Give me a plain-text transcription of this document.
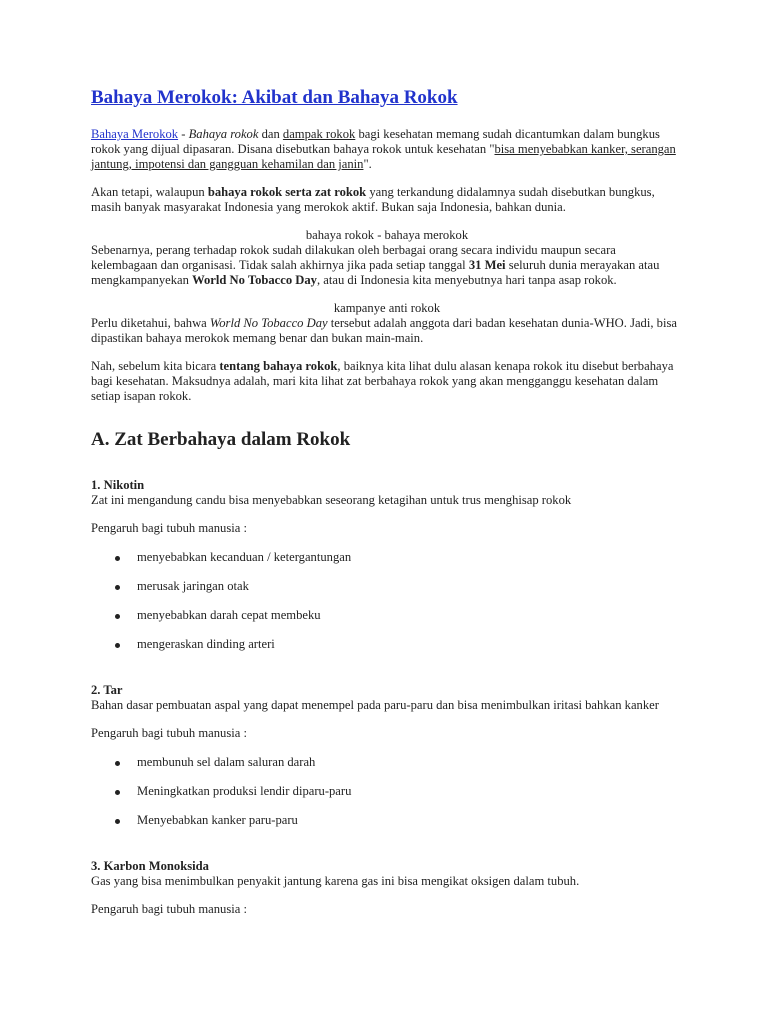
Bahaya Merokok: Akibat dan Bahaya Rokok

Bahaya Merokok - Bahaya rokok dan dampak rokok bagi kesehatan memang sudah dicantumkan dalam bungkus rokok yang dijual dipasaran. Disana disebutkan bahaya rokok untuk kesehatan "bisa menyebabkan kanker, serangan jantung, impotensi dan gangguan kehamilan dan janin".

Akan tetapi, walaupun bahaya rokok serta zat rokok yang terkandung didalamnya sudah disebutkan bungkus, masih banyak masyarakat Indonesia yang merokok aktif. Bukan saja Indonesia, bahkan dunia.

bahaya rokok - bahaya merokok

Sebenarnya, perang terhadap rokok sudah dilakukan oleh berbagai orang secara individu maupun secara kelembagaan dan organisasi. Tidak salah akhirnya jika pada setiap tanggal 31 Mei seluruh dunia merayakan atau mengkampanyekan World No Tobacco Day, atau di Indonesia kita menyebutnya hari tanpa asap rokok.

kampanye anti rokok

Perlu diketahui, bahwa World No Tobacco Day tersebut adalah anggota dari badan kesehatan dunia-WHO. Jadi, bisa dipastikan bahaya merokok memang benar dan bukan main-main.

Nah, sebelum kita bicara tentang bahaya rokok, baiknya kita lihat dulu alasan kenapa rokok itu disebut berbahaya bagi kesehatan. Maksudnya adalah, mari kita lihat zat berbahaya rokok yang akan mengganggu kesehatan dalam setiap isapan rokok.

A. Zat Berbahaya dalam Rokok

1. Nikotin

Zat ini mengandung candu bisa menyebabkan seseorang ketagihan untuk trus menghisap rokok

Pengaruh bagi tubuh manusia :

menyebabkan kecanduan / ketergantungan
merusak jaringan otak
menyebabkan darah cepat membeku
mengeraskan dinding arteri

2. Tar

Bahan dasar pembuatan aspal yang dapat menempel pada paru-paru dan bisa menimbulkan iritasi bahkan kanker

Pengaruh bagi tubuh manusia :

membunuh sel dalam saluran darah
Meningkatkan produksi lendir diparu-paru
Menyebabkan kanker paru-paru

3. Karbon Monoksida

Gas yang bisa menimbulkan penyakit jantung karena gas ini bisa mengikat oksigen dalam tubuh.

Pengaruh bagi tubuh manusia :
